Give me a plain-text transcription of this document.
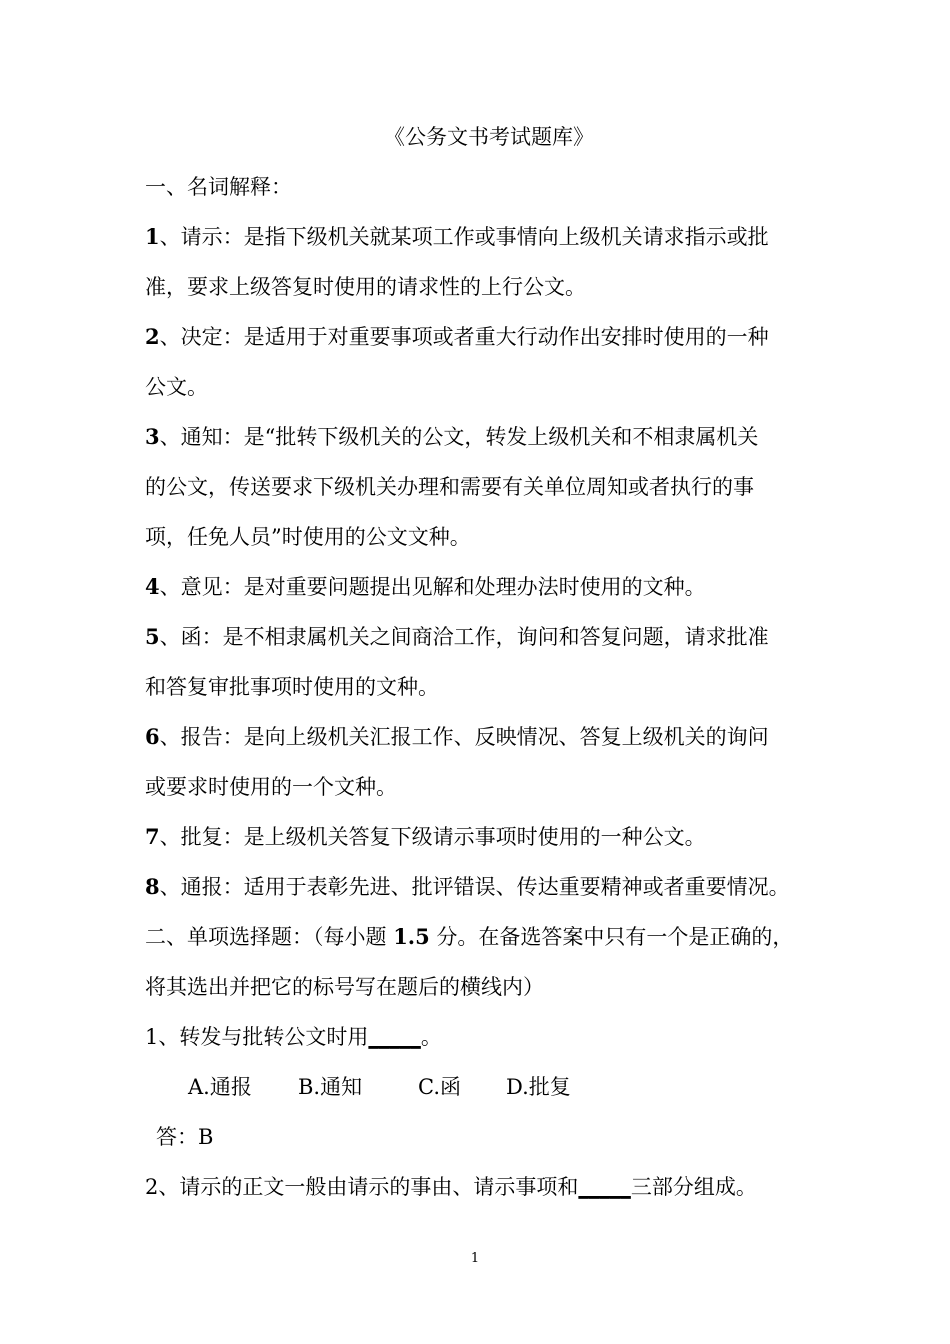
《公务文书考试题库》
一、名词解释：
1、请示：是指下级机关就某项工作或事情向上级机关请求指示或批
准，要求上级答复时使用的请求性的上行公文。
2、决定：是适用于对重要事项或者重大行动作出安排时使用的一种
公文。
3、通知：是“批转下级机关的公文，转发上级机关和不相隶属机关
的公文，传送要求下级机关办理和需要有关单位周知或者执行的事
项，任免人员”时使用的公文文种。
4、意见：是对重要问题提出见解和处理办法时使用的文种。
5、函：是不相隶属机关之间商洽工作，询问和答复问题，请求批准
和答复审批事项时使用的文种。
6、报告：是向上级机关汇报工作、反映情况、答复上级机关的询问
或要求时使用的一个文种。
7、批复：是上级机关答复下级请示事项时使用的一种公文。
8、通报：适用于表彰先进、批评错误、传达重要精神或者重要情况。
二、单项选择题：（每小题 1.5 分。在备选答案中只有一个是正确的，
将其选出并把它的标号写在题后的横线内）
1、转发与批转公文时用_____。
A.通报 B.通知	C.函 D.批复
答：B
2、请示的正文一般由请示的事由、请示事项和_____三部分组成。
1
